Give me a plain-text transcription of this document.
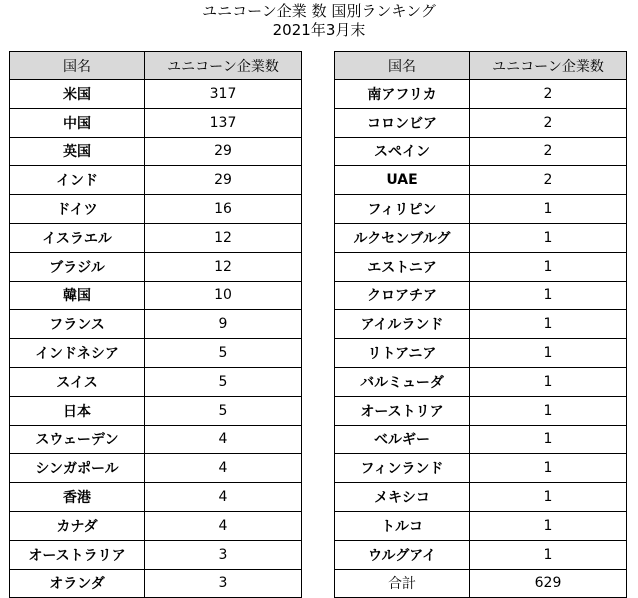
ユニコーン企業 数 国別ランキング
2021年3月末
国名	ユニコーン企業数
米国	317
中国	137
英国	29
インド	29
ドイツ	16
イスラエル	12
ブラジル	12
韓国	10
フランス	9
インドネシア	5
スイス	5
日本	5
スウェーデン	4
シンガポール	4
香港	4
カナダ	4
オーストラリア	3
オランダ	3
国名	ユニコーン企業数
南アフリカ	2
コロンビア	2
スペイン	2
UAE	2
フィリピン	1
ルクセンブルグ	1
エストニア	1
クロアチア	1
アイルランド	1
リトアニア	1
バルミューダ	1
オーストリア	1
ベルギー	1
フィンランド	1
メキシコ	1
トルコ	1
ウルグアイ	1
合計	629
